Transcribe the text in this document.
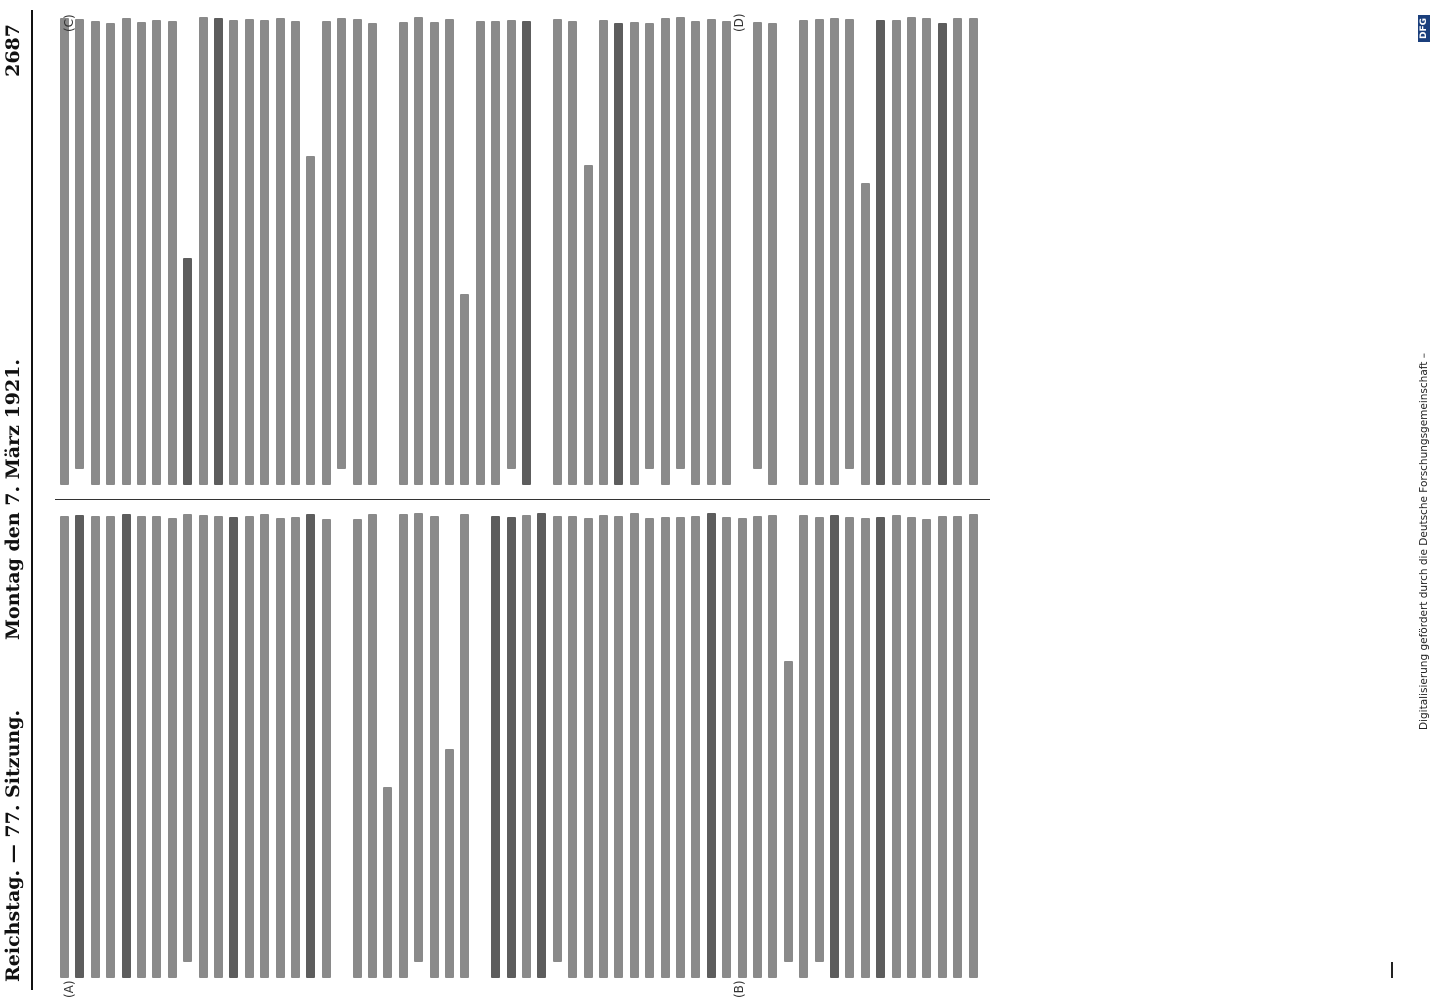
Reichstag. — 77. Sitzung.
Montag den 7. März 1921.
2687
(A)	(B)
(C)	(D)
Digitalisierung gefördert durch die Deutsche Forschungsgemeinschaft –
DFG
